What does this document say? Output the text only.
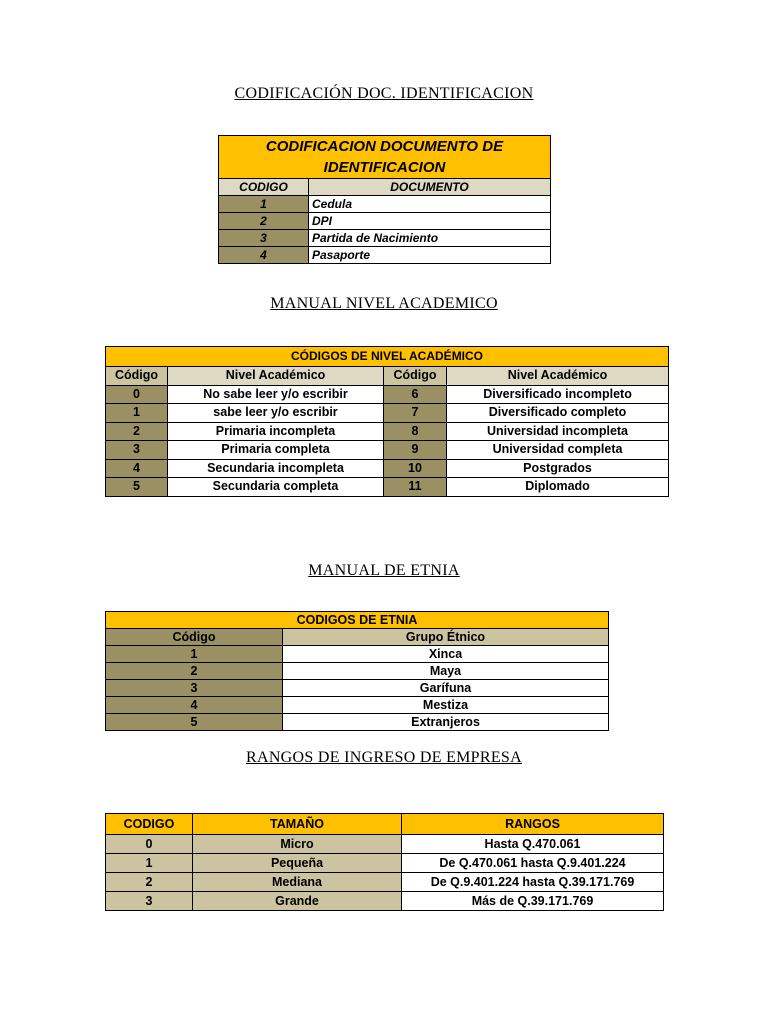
CODIFICACIÓN DOC. IDENTIFICACION
CODIFICACION DOCUMENTO DE IDENTIFICACION	
CODIGO	DOCUMENTO
1	Cedula
2	DPI
3	Partida de Nacimiento
4	Pasaporte
MANUAL NIVEL ACADEMICO
CÓDIGOS DE NIVEL ACADÉMICO			
Código	Nivel Académico	Código	Nivel Académico
0	No sabe leer y/o escribir	6	Diversificado incompleto
1	sabe leer y/o escribir	7	Diversificado completo
2	Primaria incompleta	8	Universidad incompleta
3	Primaria completa	9	Universidad completa
4	Secundaria incompleta	10	Postgrados
5	Secundaria completa	11	Diplomado
MANUAL DE ETNIA
CODIGOS DE ETNIA	
Código	Grupo Étnico
1	Xinca
2	Maya
3	Garífuna
4	Mestiza
5	Extranjeros
RANGOS DE INGRESO DE EMPRESA
CODIGO	TAMAÑO	RANGOS
0	Micro	Hasta Q.470.061
1	Pequeña	De Q.470.061 hasta Q.9.401.224
2	Mediana	De Q.9.401.224 hasta Q.39.171.769
3	Grande	Más de Q.39.171.769
